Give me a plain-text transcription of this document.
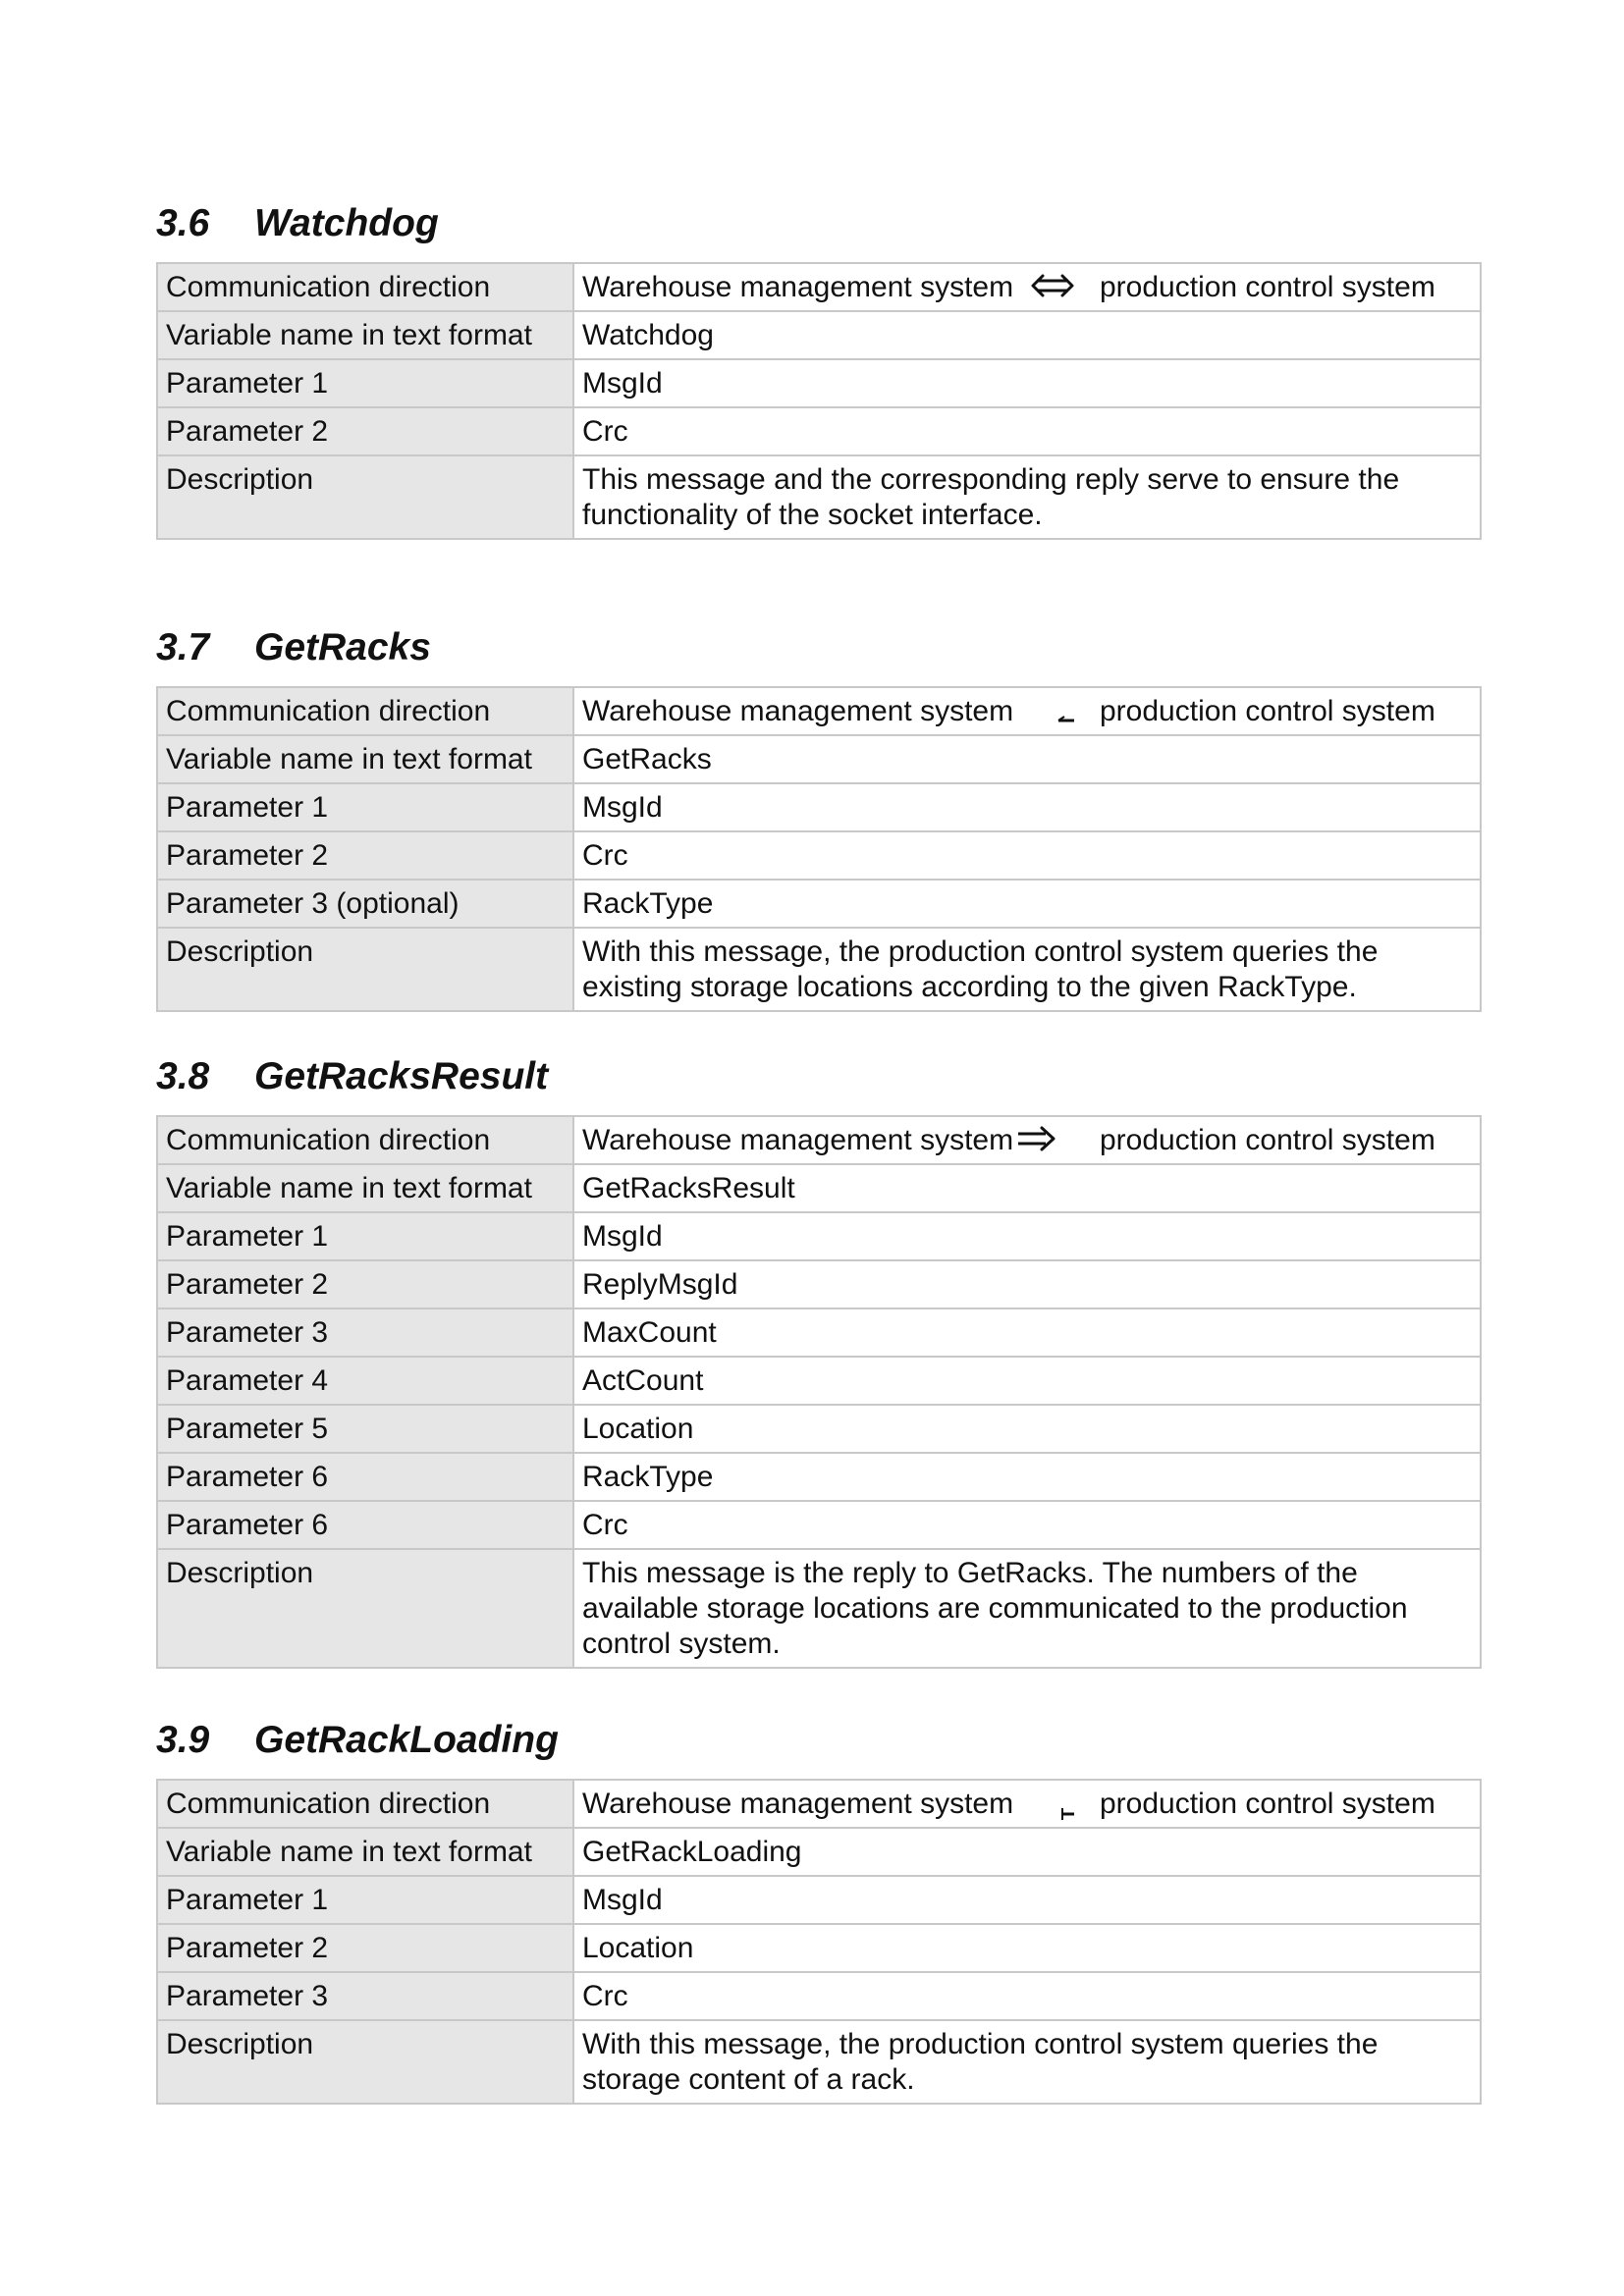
3.6	Watchdog
Communication direction	Warehouse management system production control system

Variable name in text format	Watchdog
Parameter 1	MsgId
Parameter 2	Crc
Description	This message and the corresponding reply serve to ensure the functionality of the socket interface.
3.7	GetRacks
Communication direction	Warehouse management system production control system

Variable name in text format	GetRacks
Parameter 1	MsgId
Parameter 2	Crc
Parameter 3 (optional)	RackType
Description	With this message, the production control system queries the existing storage locations according to the given RackType.
3.8	GetRacksResult
Communication direction	Warehouse management system production control system

Variable name in text format	GetRacksResult
Parameter 1	MsgId
Parameter 2	ReplyMsgId
Parameter 3	MaxCount
Parameter 4	ActCount
Parameter 5	Location
Parameter 6	RackType
Parameter 6	Crc
Description	This message is the reply to GetRacks. The numbers of the available storage locations are communicated to the production control system.
3.9	GetRackLoading
Communication direction	Warehouse management system production control system

Variable name in text format	GetRackLoading
Parameter 1	MsgId
Parameter 2	Location
Parameter 3	Crc
Description	With this message, the production control system queries the storage content of a rack.
